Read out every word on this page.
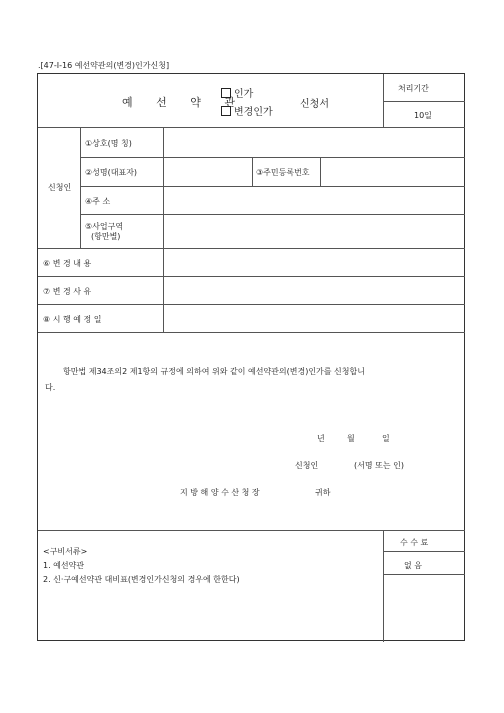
.[47-I-16 예선약관의(변경)인가신청]
예 선 약 관
인가
변경인가
신청서
처리기간
10일
신청인
①상호(명 칭)
②성명(대표자)	③주민등록번호
④주 소
⑤사업구역
(항만별)
⑥ 변 경 내 용
⑦ 변 경 사 유
⑧ 시 행 예 정 일
항만법 제34조의2 제1항의 규정에 의하여 위와 같이 예선약관의(변경)인가를 신청합니다.
년	월	일
신청인	(서명 또는 인)
지 방 해 양 수 산 청 장	귀하
<구비서류>
1. 예선약관
2. 신·구예선약관 대비표(변경인가신청의 경우에 한한다)
수 수 료
없 음
